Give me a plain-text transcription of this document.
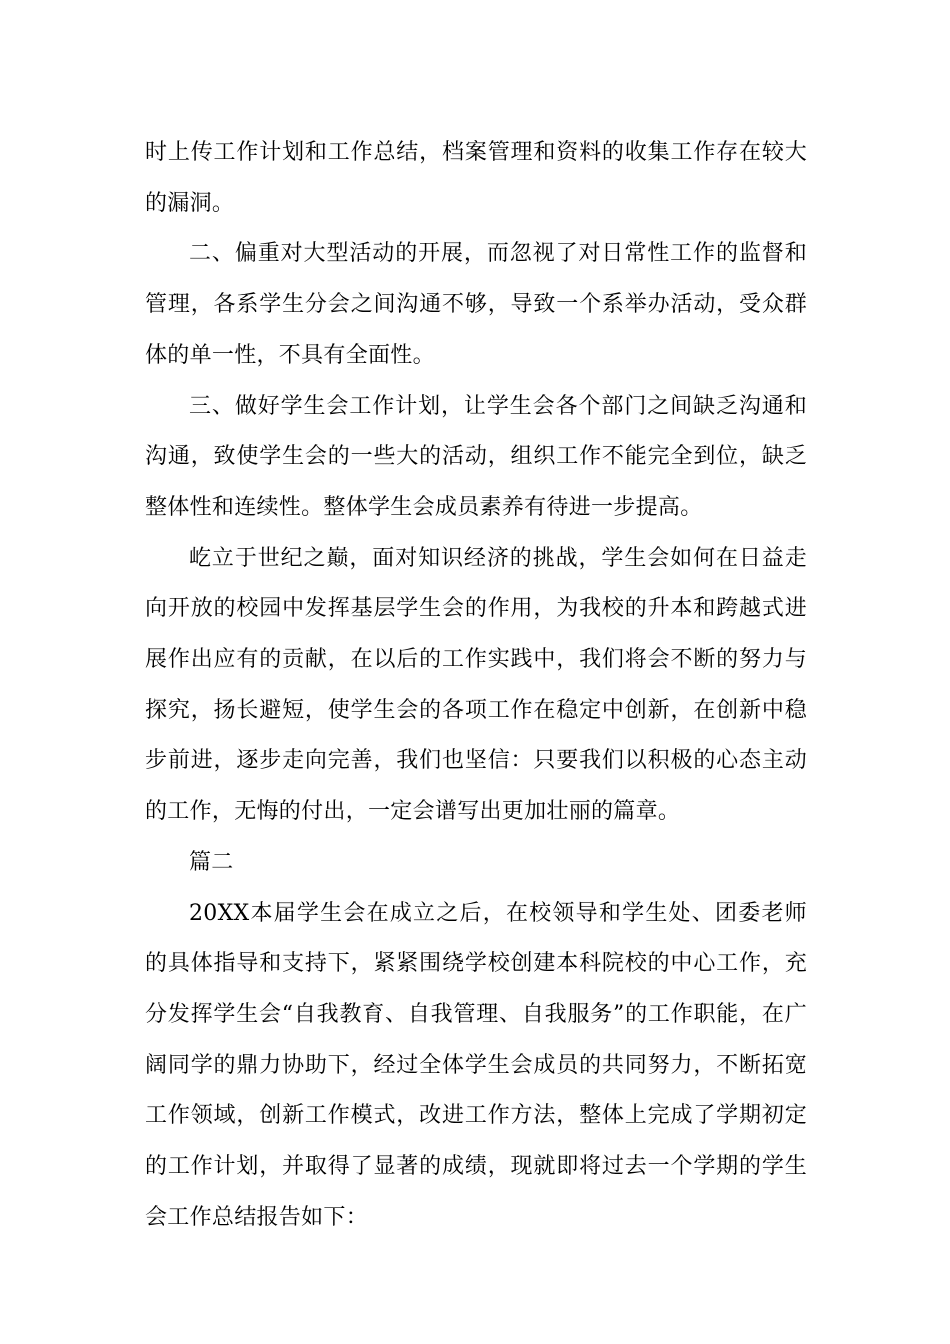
时上传工作计划和工作总结，档案管理和资料的收集工作存在较大的漏洞。

二、偏重对大型活动的开展，而忽视了对日常性工作的监督和管理，各系学生分会之间沟通不够，导致一个系举办活动，受众群体的单一性，不具有全面性。

三、做好学生会工作计划，让学生会各个部门之间缺乏沟通和沟通，致使学生会的一些大的活动，组织工作不能完全到位，缺乏整体性和连续性。整体学生会成员素养有待进一步提高。

屹立于世纪之巅，面对知识经济的挑战，学生会如何在日益走向开放的校园中发挥基层学生会的作用，为我校的升本和跨越式进展作出应有的贡献，在以后的工作实践中，我们将会不断的努力与探究，扬长避短，使学生会的各项工作在稳定中创新，在创新中稳步前进，逐步走向完善，我们也坚信：只要我们以积极的心态主动的工作，无悔的付出，一定会谱写出更加壮丽的篇章。

篇二

20XX本届学生会在成立之后，在校领导和学生处、团委老师的具体指导和支持下，紧紧围绕学校创建本科院校的中心工作，充分发挥学生会“自我教育、自我管理、自我服务”的工作职能，在广阔同学的鼎力协助下，经过全体学生会成员的共同努力，不断拓宽工作领域，创新工作模式，改进工作方法，整体上完成了学期初定的工作计划，并取得了显著的成绩，现就即将过去一个学期的学生会工作总结报告如下：
